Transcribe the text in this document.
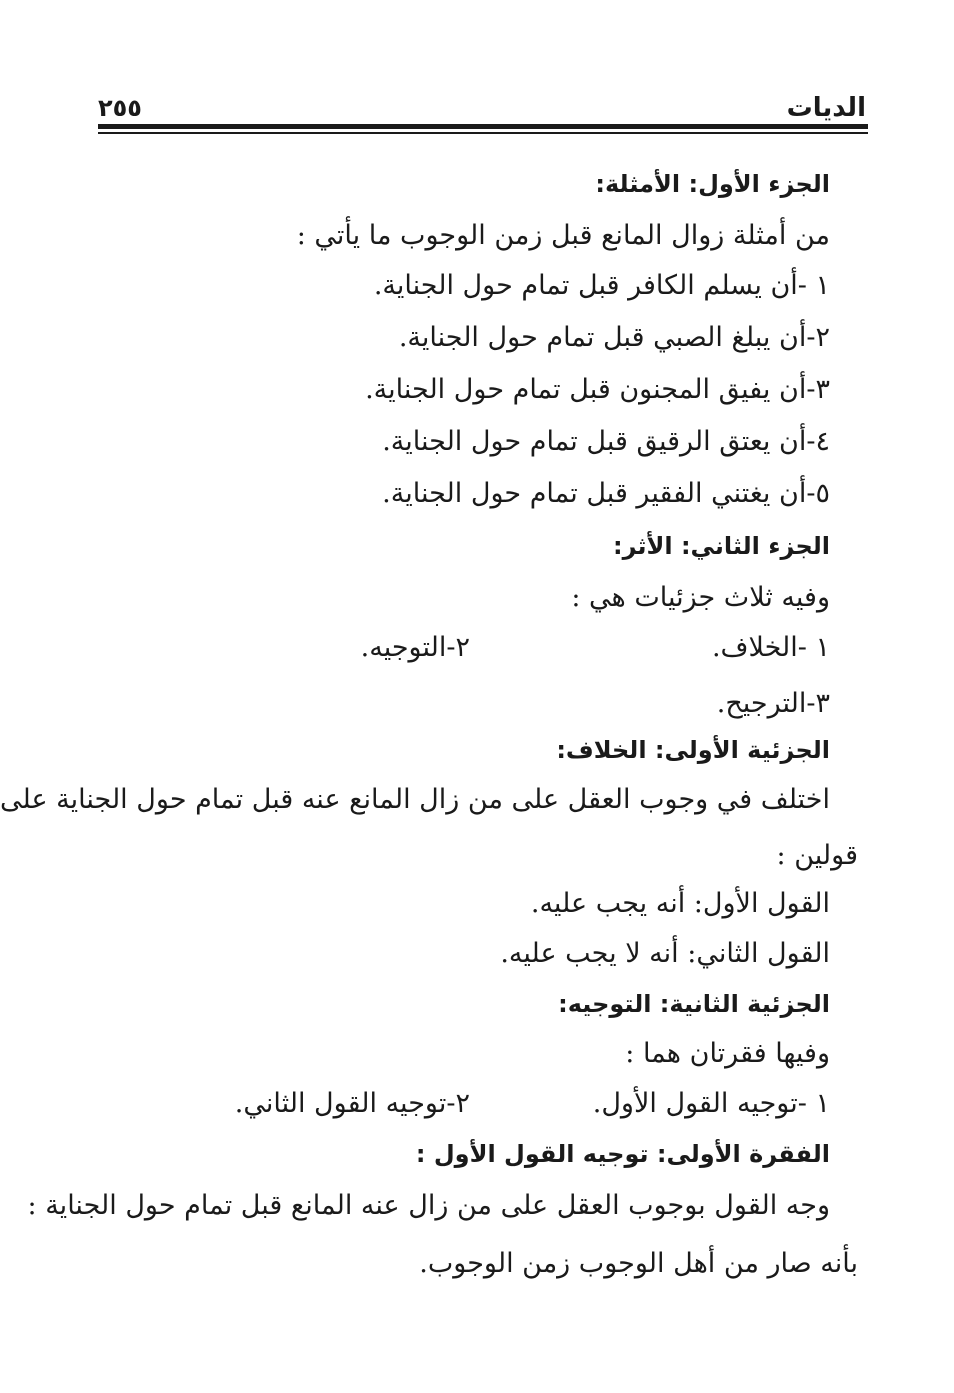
الديات
٢٥٥
الجزء الأول: الأمثلة:
من أمثلة زوال المانع قبل زمن الوجوب ما يأتي :
١ -أن يسلم الكافر قبل تمام حول الجناية.
٢-أن يبلغ الصبي قبل تمام حول الجناية.
٣-أن يفيق المجنون قبل تمام حول الجناية.
٤-أن يعتق الرقيق قبل تمام حول الجناية.
٥-أن يغتني الفقير قبل تمام حول الجناية.
الجزء الثاني: الأثر:
وفيه ثلاث جزئيات هي :
١ -الخلاف.
٢-التوجيه.
٣-الترجيح.
الجزئية الأولى: الخلاف:
اختلف في وجوب العقل على من زال المانع عنه قبل تمام حول الجناية على
قولين :
القول الأول: أنه يجب عليه.
القول الثاني: أنه لا يجب عليه.
الجزئية الثانية: التوجيه:
وفيها فقرتان هما :
١ -توجيه القول الأول.
٢-توجيه القول الثاني.
الفقرة الأولى: توجيه القول الأول :
وجه القول بوجوب العقل على من زال عنه المانع قبل تمام حول الجناية :
بأنه صار من أهل الوجوب زمن الوجوب.
